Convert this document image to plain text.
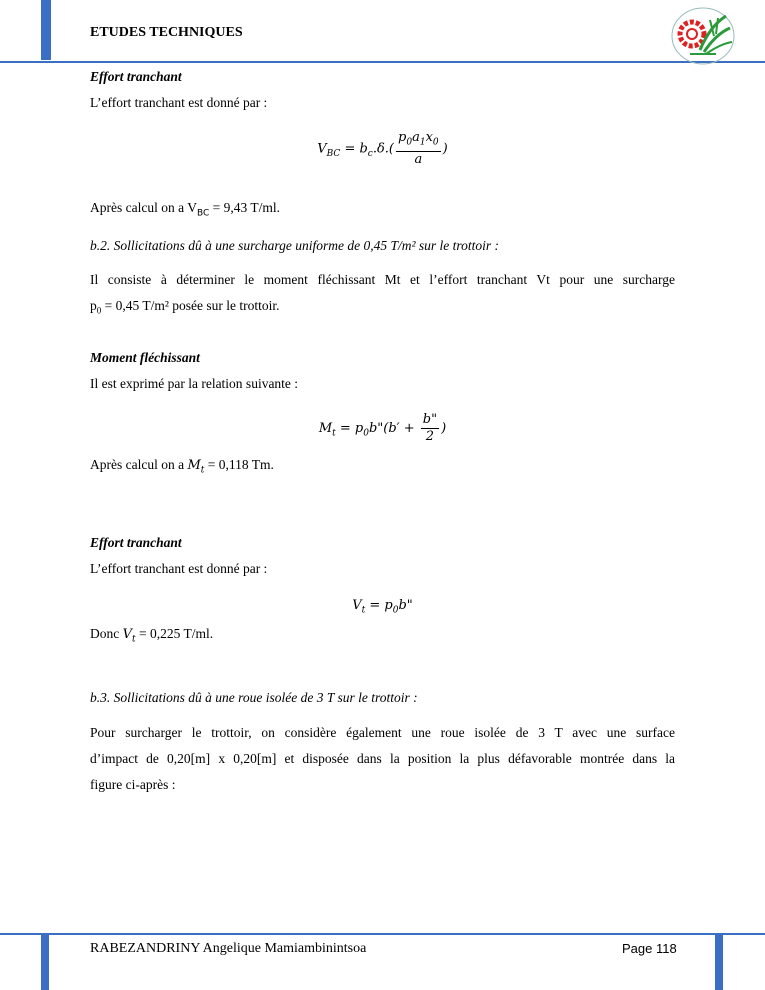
ETUDES TECHNIQUES
Effort tranchant
L’effort tranchant est donné par :
$V_{BC} = b_c.\delta.( \frac{p_0a_1x_0}{a}$ )
Après calcul on a $V_{BC} = 9,43$ T/ml.
b.2. Sollicitations dû à une surcharge uniforme de 0,45 T/m² sur le trottoir :
Il consiste à déterminer le moment fléchissant Mt et l’effort tranchant Vt pour une surcharge
$p_0 = 0,45$ T/m² posée sur le trottoir.
Moment fléchissant
Il est exprimé par la relation suivante :
$M_t$ = $p_0b"(b' + \frac{b"}{2}$ )
Après calcul on a $M_t = 0,118$ Tm.
Effort tranchant
L’effort tranchant est donné par :
$V_t = p_0b$"
Donc $V_t = 0,225$ T/ml.
b.3. Sollicitations dû à une roue isolée de 3 T sur le trottoir :
Pour surcharger le trottoir, on considère également une roue isolée de 3 T avec une surface
d’impact de 0,20[m] x 0,20[m] et disposée dans la position la plus défavorable montrée dans la
figure ci-après :
RABEZANDRINY Angelique Mamiambinintsoa	Page 118
